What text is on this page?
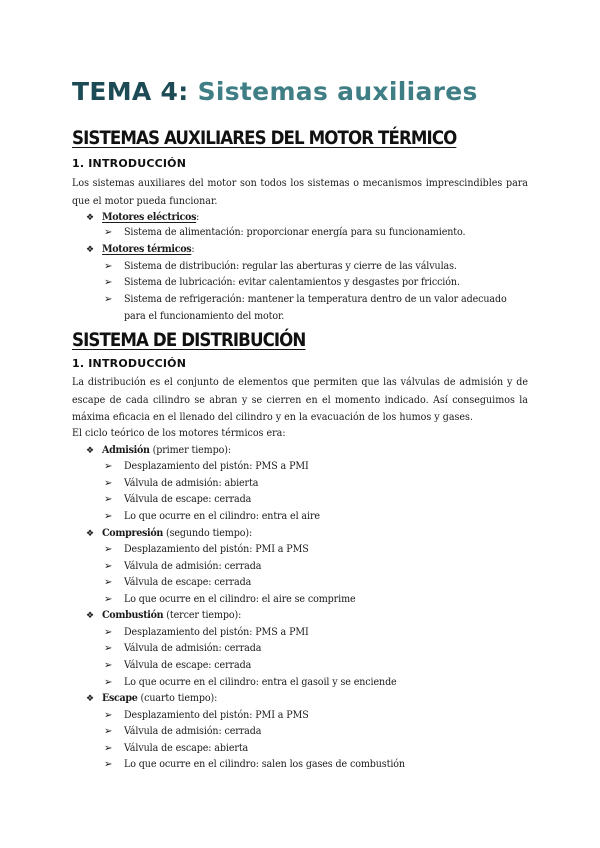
TEMA 4: Sistemas auxiliares
SISTEMAS AUXILIARES DEL MOTOR TÉRMICO
1. INTRODUCCIÓN

Los sistemas auxiliares del motor son todos los sistemas o mecanismos imprescindibles para que el motor pueda funcionar.

❖ Motores eléctricos:
➢ Sistema de alimentación: proporcionar energía para su funcionamiento.
❖ Motores térmicos:
➢ Sistema de distribución: regular las aberturas y cierre de las válvulas.
➢ Sistema de lubricación: evitar calentamientos y desgastes por fricción.
➢ Sistema de refrigeración: mantener la temperatura dentro de un valor adecuado para el funcionamiento del motor.
SISTEMA DE DISTRIBUCIÓN
1. INTRODUCCIÓN

La distribución es el conjunto de elementos que permiten que las válvulas de admisión y de escape de cada cilindro se abran y se cierren en el momento indicado. Así conseguimos la máxima eficacia en el llenado del cilindro y en la evacuación de los humos y gases.

El ciclo teórico de los motores térmicos era:

❖ Admisión (primer tiempo):
➢ Desplazamiento del pistón: PMS a PMI
➢ Válvula de admisión: abierta
➢ Válvula de escape: cerrada
➢ Lo que ocurre en el cilindro: entra el aire
❖ Compresión (segundo tiempo):
➢ Desplazamiento del pistón: PMI a PMS
➢ Válvula de admisión: cerrada
➢ Válvula de escape: cerrada
➢ Lo que ocurre en el cilindro: el aire se comprime
❖ Combustión (tercer tiempo):
➢ Desplazamiento del pistón: PMS a PMI
➢ Válvula de admisión: cerrada
➢ Válvula de escape: cerrada
➢ Lo que ocurre en el cilindro: entra el gasoil y se enciende
❖ Escape (cuarto tiempo):
➢ Desplazamiento del pistón: PMI a PMS
➢ Válvula de admisión: cerrada
➢ Válvula de escape: abierta
➢ Lo que ocurre en el cilindro: salen los gases de combustión
